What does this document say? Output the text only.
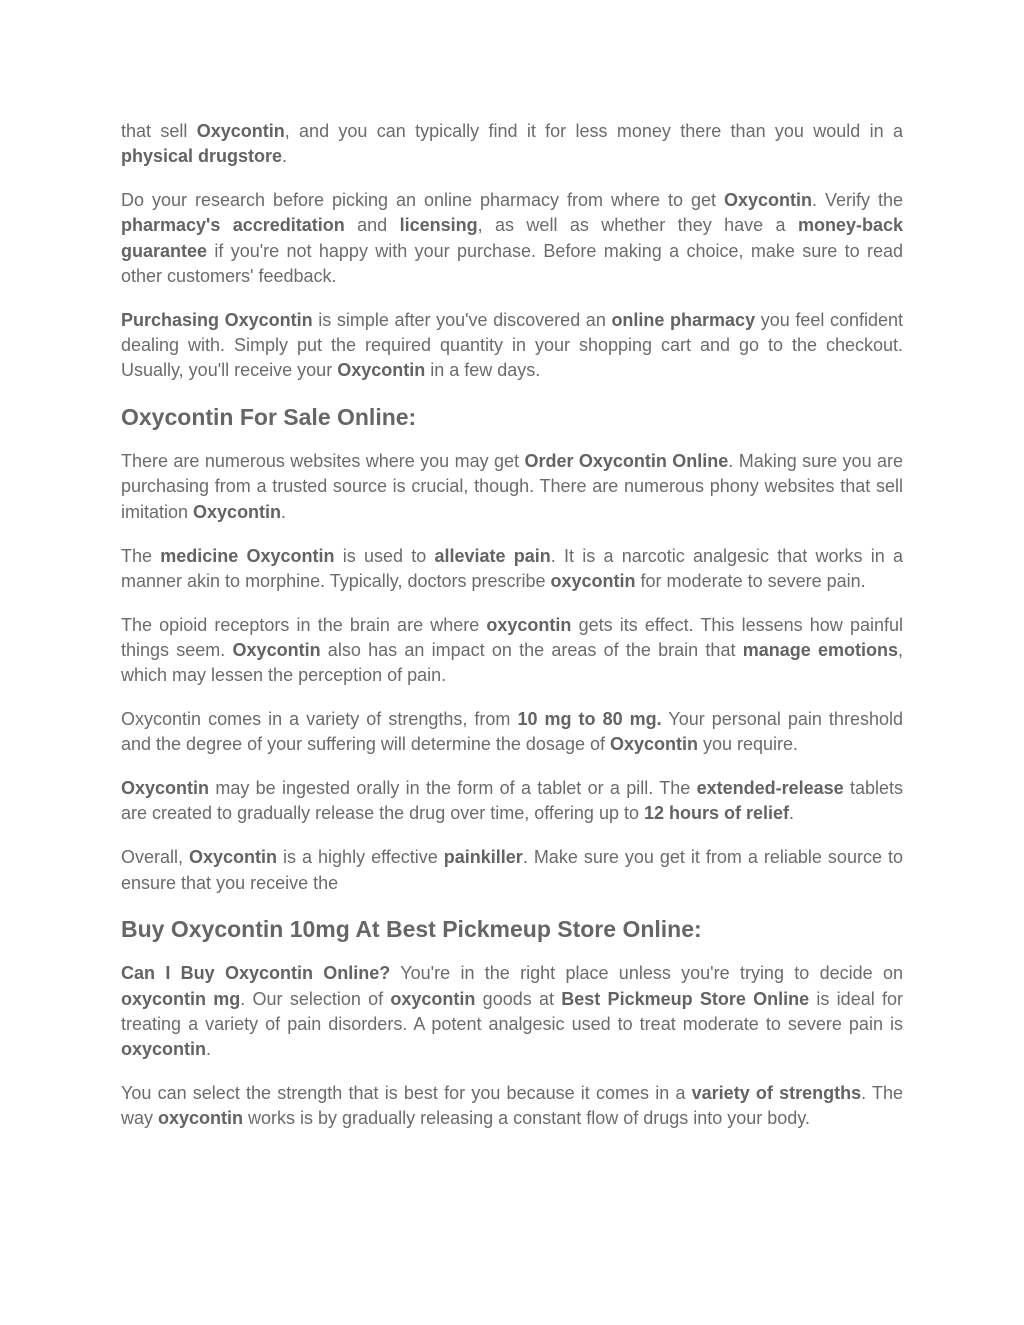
that sell Oxycontin, and you can typically find it for less money there than you would in a physical drugstore.

Do your research before picking an online pharmacy from where to get Oxycontin. Verify the pharmacy's accreditation and licensing, as well as whether they have a money-back guarantee if you're not happy with your purchase. Before making a choice, make sure to read other customers' feedback.

Purchasing Oxycontin is simple after you've discovered an online pharmacy you feel confident dealing with. Simply put the required quantity in your shopping cart and go to the checkout. Usually, you'll receive your Oxycontin in a few days.

Oxycontin For Sale Online:

There are numerous websites where you may get Order Oxycontin Online. Making sure you are purchasing from a trusted source is crucial, though. There are numerous phony websites that sell imitation Oxycontin.

The medicine Oxycontin is used to alleviate pain. It is a narcotic analgesic that works in a manner akin to morphine. Typically, doctors prescribe oxycontin for moderate to severe pain.

The opioid receptors in the brain are where oxycontin gets its effect. This lessens how painful things seem. Oxycontin also has an impact on the areas of the brain that manage emotions, which may lessen the perception of pain.

Oxycontin comes in a variety of strengths, from 10 mg to 80 mg. Your personal pain threshold and the degree of your suffering will determine the dosage of Oxycontin you require.

Oxycontin may be ingested orally in the form of a tablet or a pill. The extended-release tablets are created to gradually release the drug over time, offering up to 12 hours of relief.

Overall, Oxycontin is a highly effective painkiller. Make sure you get it from a reliable source to ensure that you receive the

Buy Oxycontin 10mg At Best Pickmeup Store Online:

Can I Buy Oxycontin Online? You're in the right place unless you're trying to decide on oxycontin mg. Our selection of oxycontin goods at Best Pickmeup Store Online is ideal for treating a variety of pain disorders. A potent analgesic used to treat moderate to severe pain is oxycontin.

You can select the strength that is best for you because it comes in a variety of strengths. The way oxycontin works is by gradually releasing a constant flow of drugs into your body.
